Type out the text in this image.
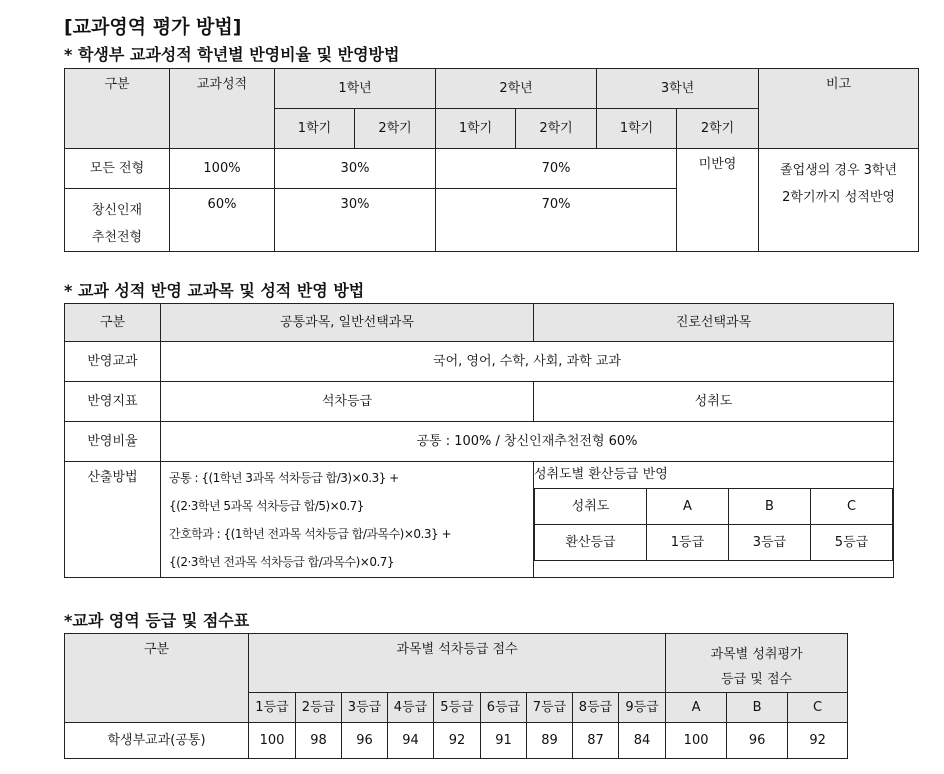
[교과영역 평가 방법]
* 학생부 교과성적 학년별 반영비율 및 반영방법
구분	교과성적	1학년		2학년		3학년		비고
		1학기	2학기	1학기	2학기	1학기	2학기	
모든 전형	100%	30%		70%			미반영	졸업생의 경우 3학년
2학기까지 성적반영

창신인재
추천전형	60%	30%		70%				
* 교과 성적 반영 교과목 및 성적 반영 방법
구분	공통과목, 일반선택과목	진로선택과목
반영교과	국어, 영어, 수학, 사회, 과학 교과
반영지표	석차등급	성취도
반영비율	공통 : 100% / 창신인재추천전형 60%
산출방법	공통 : {(1학년 3과목 석차등급 합/3)×0.3} +
{(2·3학년 5과목 석차등급 합/5)×0.7}
간호학과 : {(1학년 전과목 석차등급 합/과목수)×0.3} +
{(2·3학년 전과목 석차등급 합/과목수)×0.7}

성취도별 환산등급 반영
성취도	A	B	C
환산등급	1등급	3등급	5등급
*교과 영역 등급 및 점수표
구분	과목별 석차등급 점수									과목별 성취평가
등급 및 점수		

	1등급	2등급	3등급	4등급	5등급	6등급	7등급	8등급	9등급	A	B	C
학생부교과(공통)	100	98	96	94	92	91	89	87	84	100	96	92
